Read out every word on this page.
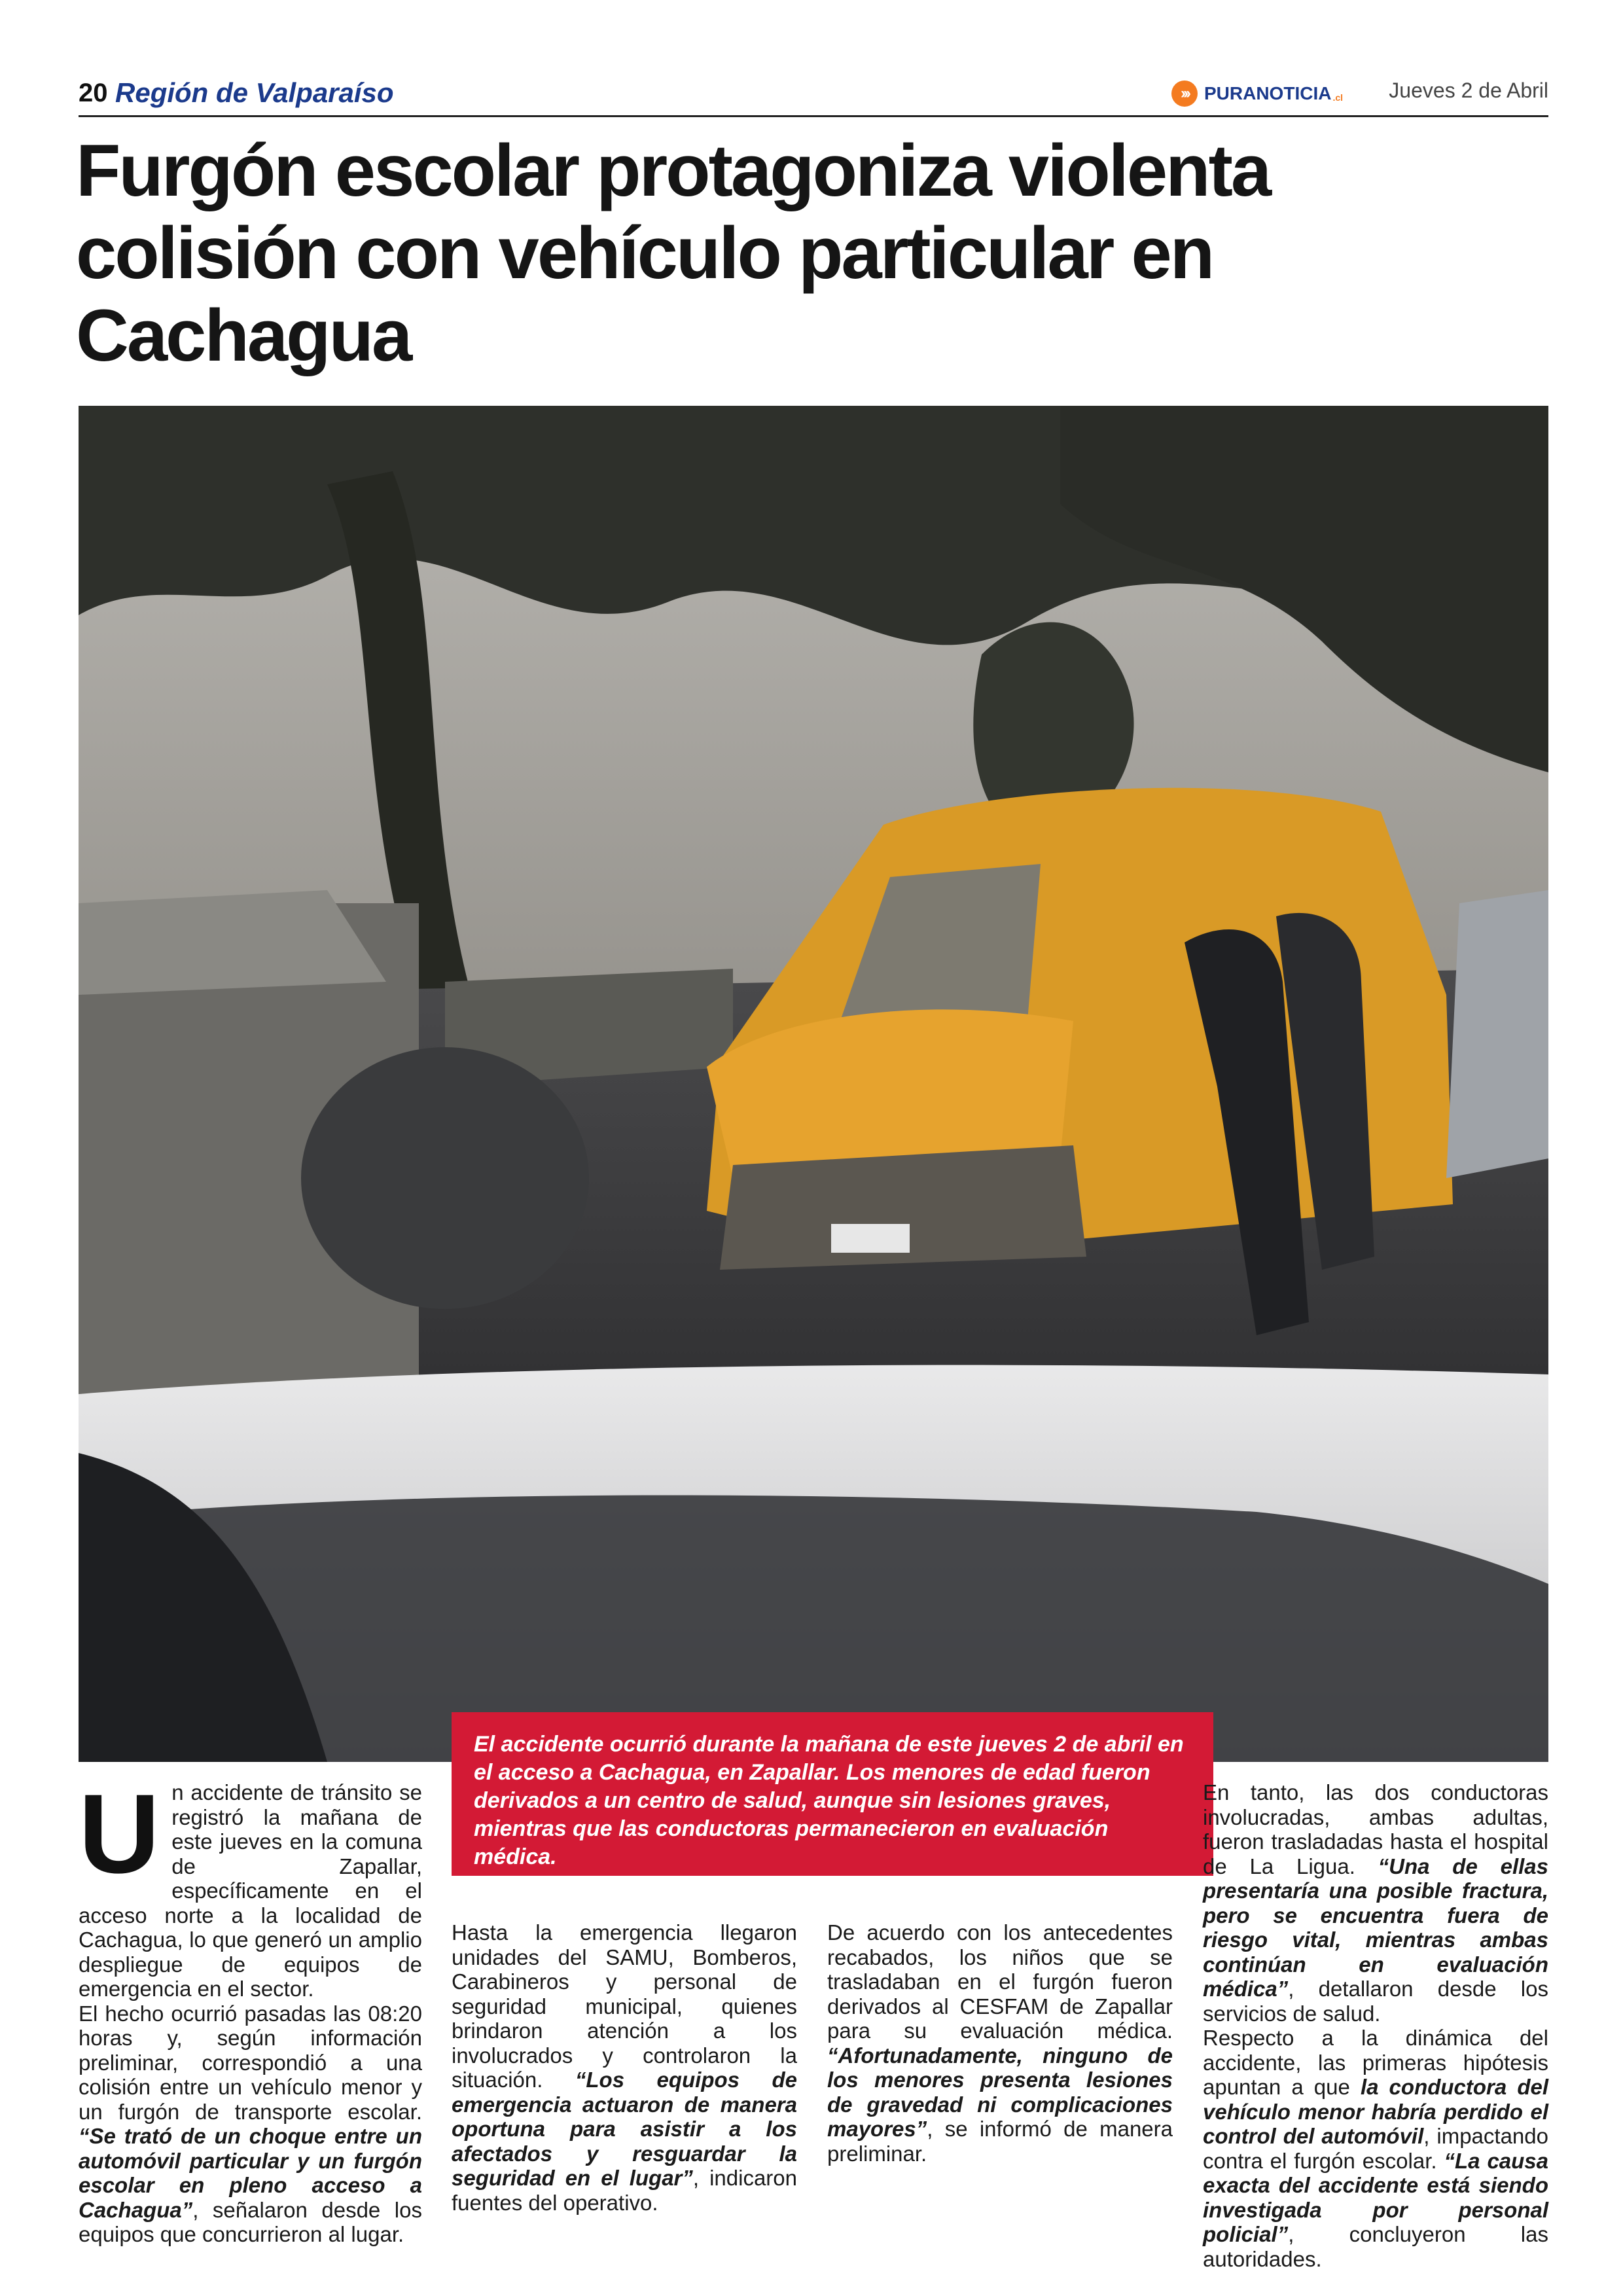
20 Región de Valparaíso	››› PURANOTICIA .cl Jueves 2 de Abril
Furgón escolar protagoniza violenta colisión con vehículo particular en Cachagua

El accidente ocurrió durante la mañana de este jueves 2 de abril en el acceso a Cachagua, en Zapallar. Los menores de edad fueron derivados a un centro de salud, aunque sin lesiones graves, mientras que las conductoras permanecieron en evaluación médica.

U n accidente de tránsito se registró la mañana de este jueves en la comuna de Zapallar, específicamente en el acceso norte a la localidad de Cachagua, lo que generó un amplio despliegue de equipos de emergencia en el sector.

El hecho ocurrió pasadas las 08:20 horas y, según información preliminar, correspondió a una colisión entre un vehículo menor y un furgón de transporte escolar. “Se trató de un choque entre un automóvil particular y un furgón escolar en pleno acceso a Cachagua”, señalaron desde los equipos que concurrieron al lugar.

Hasta la emergencia llegaron unidades del SAMU, Bomberos, Carabineros y personal de seguridad municipal, quienes brindaron atención a los involucrados y controlaron la situación. “Los equipos de emergencia actuaron de manera oportuna para asistir a los afectados y resguardar la seguridad en el lugar”, indicaron fuentes del operativo.

De acuerdo con los antecedentes recabados, los niños que se trasladaban en el furgón fueron derivados al CESFAM de Zapallar para su evaluación médica. “Afortunadamente, ninguno de los menores presenta lesiones de gravedad ni complicaciones mayores”, se informó de manera preliminar.

En tanto, las dos conductoras involucradas, ambas adultas, fueron trasladadas hasta el hospital de La Ligua. “Una de ellas presentaría una posible fractura, pero se encuentra fuera de riesgo vital, mientras ambas continúan en evaluación médica”, detallaron desde los servicios de salud.

Respecto a la dinámica del accidente, las primeras hipótesis apuntan a que la conductora del vehículo menor habría perdido el control del automóvil, impactando contra el furgón escolar. “La causa exacta del accidente está siendo investigada por personal policial”, concluyeron las autoridades.
